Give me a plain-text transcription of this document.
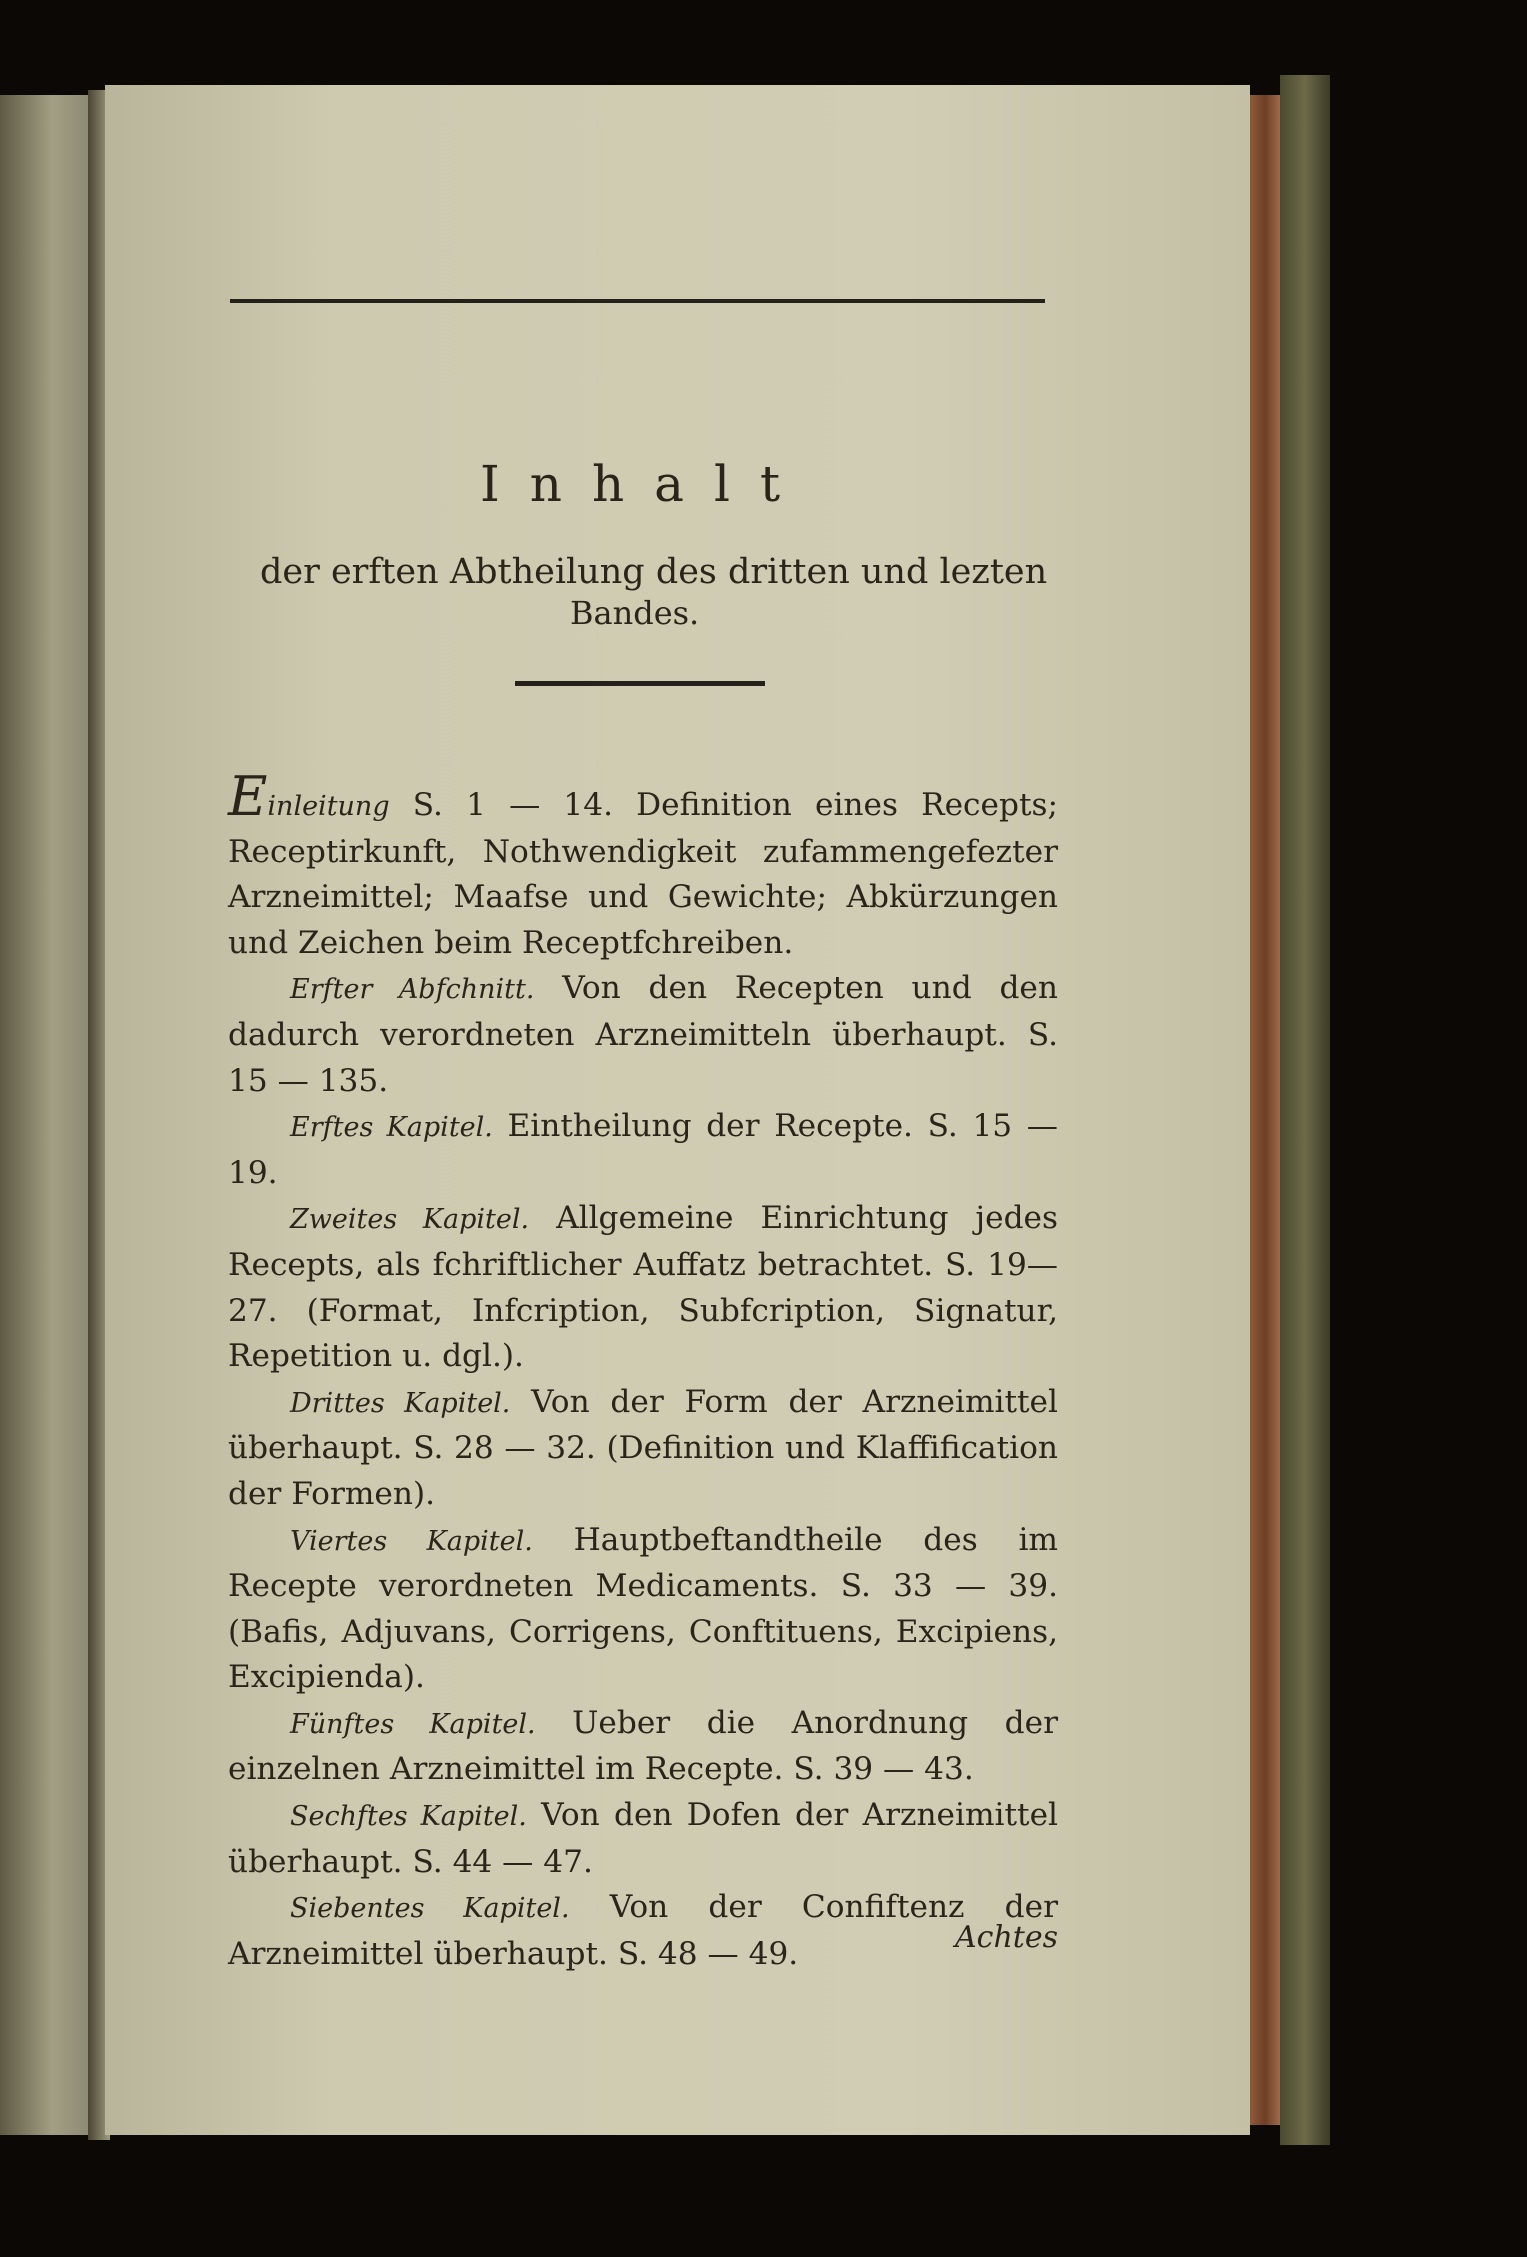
Inhalt
der erften Abtheilung des dritten und lezten
Bandes.

Einleitung S. 1 — 14. Definition eines Recepts; Receptirkunft, Nothwendigkeit zufammengefezter Arzneimittel; Maafse und Gewichte; Abkürzungen und Zeichen beim Receptfchreiben.

Erfter Abfchnitt. Von den Recepten und den dadurch verordneten Arzneimitteln überhaupt. S. 15 — 135.

Erftes Kapitel. Eintheilung der Recepte. S. 15 — 19.

Zweites Kapitel. Allgemeine Einrichtung jedes Recepts, als fchriftlicher Auffatz betrachtet. S. 19—27. (Format, Infcription, Subfcription, Signatur, Repetition u. dgl.).

Drittes Kapitel. Von der Form der Arzneimittel überhaupt. S. 28 — 32. (Definition und Klaffification der Formen).

Viertes Kapitel. Hauptbeftandtheile des im Recepte verordneten Medicaments. S. 33 — 39. (Bafis, Adjuvans, Corrigens, Conftituens, Excipiens, Excipienda).

Fünftes Kapitel. Ueber die Anordnung der einzelnen Arzneimittel im Recepte. S. 39 — 43.

Sechftes Kapitel. Von den Dofen der Arzneimittel überhaupt. S. 44 — 47.

Siebentes Kapitel. Von der Confiftenz der Arzneimittel überhaupt. S. 48 — 49.	Achtes
